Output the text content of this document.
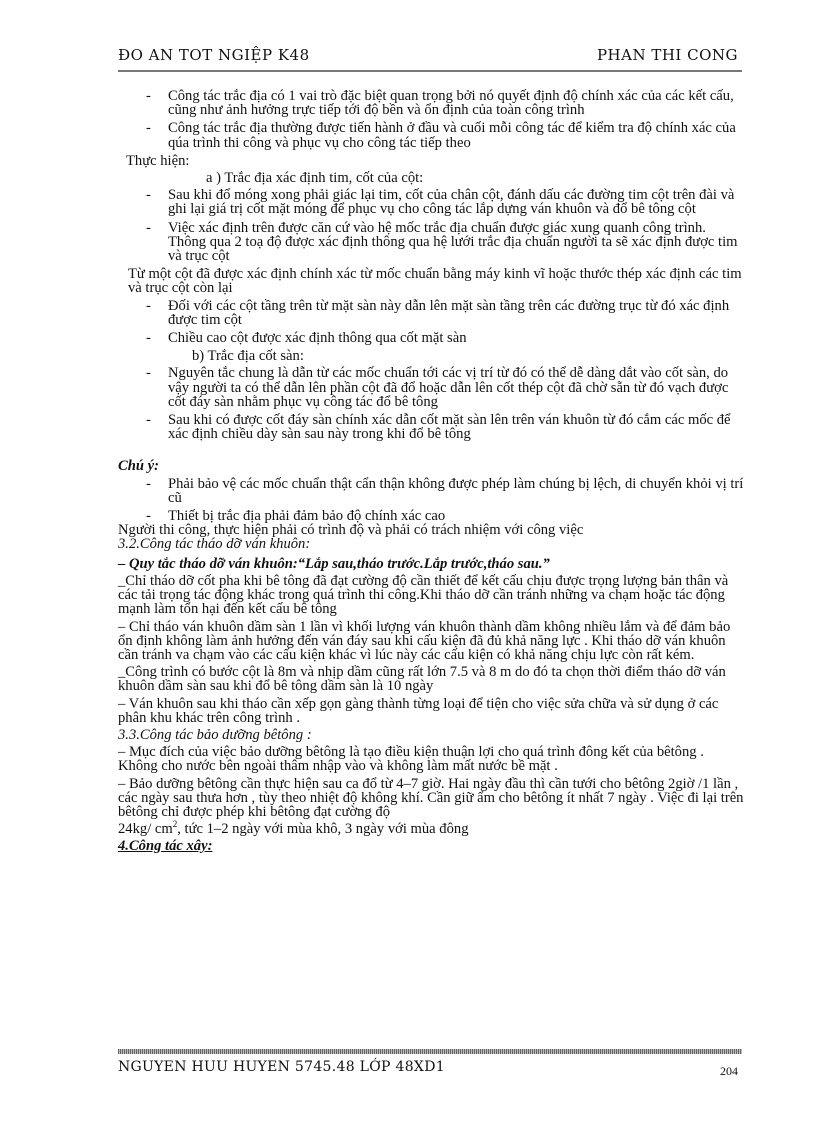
ĐO AN TOT NGIỆP K48	PHAN THI CONG
- Công tác trắc địa có 1 vai trò đặc biệt quan trọng bởi nó quyết định độ chính xác của các kết cấu, cũng như ảnh hưởng trực tiếp tới độ bền và ổn định của toàn công trình
- Công tác trắc địa thường được tiến hành ở đầu và cuối mỗi công tác để kiểm tra độ chính xác của qúa trình thi công và phục vụ cho công tác tiếp theo
Thực hiện:
a ) Trắc địa xác định tim, cốt của cột:
- Sau khi đổ móng xong phải giác lại tim, cốt của chân cột, đánh dấu các đường tim cột trên đài và ghi lại giá trị cốt mặt móng để phục vụ cho công tác lắp dựng ván khuôn và đổ bê tông cột
- Việc xác định trên được căn cứ vào hệ mốc trắc địa chuẩn được giác xung quanh công trình. Thông qua 2 toạ độ được xác định thông qua hệ lưới trắc địa chuẩn người ta sẽ xác định được tim và trục cột
Từ một cột đã được xác định chính xác từ mốc chuẩn bằng máy kinh vĩ hoặc thước thép xác định các tim và trục cột còn lại
- Đối với các cột tầng trên từ mặt sàn này dẫn lên mặt sàn tầng trên các đường trục từ đó xác định được tim cột
- Chiều cao cột được xác định thông qua cốt mặt sàn
b) Trắc địa cốt sàn:
- Nguyên tắc chung là dẫn từ các mốc chuẩn tới các vị trí từ đó có thể dễ dàng dắt vào cốt sàn, do vậy người ta có thể dẫn lên phần cột đã đổ hoặc dẫn lên cốt thép cột đã chờ sẵn từ đó vạch được cốt đáy sàn nhằm phục vụ công tác đổ bê tông
- Sau khi có được cốt đáy sàn chính xác dẫn cốt mặt sàn lên trên ván khuôn từ đó cắm các mốc để xác định chiều dày sàn sau này trong khi đổ bê tông
Chú ý:
- Phải bảo vệ các mốc chuẩn thật cẩn thận không được phép làm chúng bị lệch, di chuyển khỏi vị trí cũ
- Thiết bị trắc địa phải đảm bảo độ chính xác cao
Người thi công, thực hiện phải có trình độ và phải có trách nhiệm với công việc
3.2.Công tác tháo dỡ ván khuôn:
– Quy tắc tháo dỡ ván khuôn:“Lắp sau,tháo trước.Lắp trước,tháo sau.”
_Chỉ tháo dỡ cốt pha khi bê tông đã đạt cường độ cần thiết để kết cấu chịu được trọng lượng bản thân và các tải trọng tác động khác trong quá trình thi công.Khi tháo dỡ cần tránh những va chạm hoặc tác động mạnh làm tổn hại đến kết cấu bê tông
– Chỉ tháo ván khuôn dầm sàn 1 lần vì khối lượng ván khuôn thành dầm không nhiều lắm và để đảm bảo ổn định không làm ảnh hưởng đến ván đáy sau khi cấu kiện đã đủ khả năng lực . Khi tháo dỡ ván khuôn cần tránh va chạm vào các cấu kiện khác vì lúc này các cấu kiện có khả năng chịu lực còn rất kém.
_Công trình có bước cột là 8m và nhịp dầm cũng rất lớn 7.5 và 8 m do đó ta chọn thời điểm tháo dỡ ván khuôn dầm sàn sau khi đổ bê tông dầm sàn là 10 ngày
– Ván khuôn sau khi tháo cần xếp gọn gàng thành từng loại để tiện cho việc sửa chữa và sử dụng ở các phân khu khác trên công trình .
3.3.Công tác bảo dưỡng bêtông :
– Mục đích của việc bảo dưỡng bêtông là tạo điều kiện thuận lợi cho quá trình đông kết của bêtông . Không cho nước bên ngoài thâm nhập vào và không làm mất nước bề mặt .
– Bảo dưỡng bêtông cần thực hiện sau ca đổ từ 4–7 giờ. Hai ngày đầu thì cần tưới cho bêtông 2giờ /1 lần , các ngày sau thưa hơn , tùy theo nhiệt độ không khí. Cần giữ ẩm cho bêtông ít nhất 7 ngày . Việc đi lại trên bêtông chỉ được phép khi bêtông đạt cường độ
24kg/ $cm^2$, tức 1–2 ngày với mùa khô, 3 ngày với mùa đông
4.Công tác xây:
NGUYEN HUU HUYEN 5745.48 LỚP 48XD1	204
